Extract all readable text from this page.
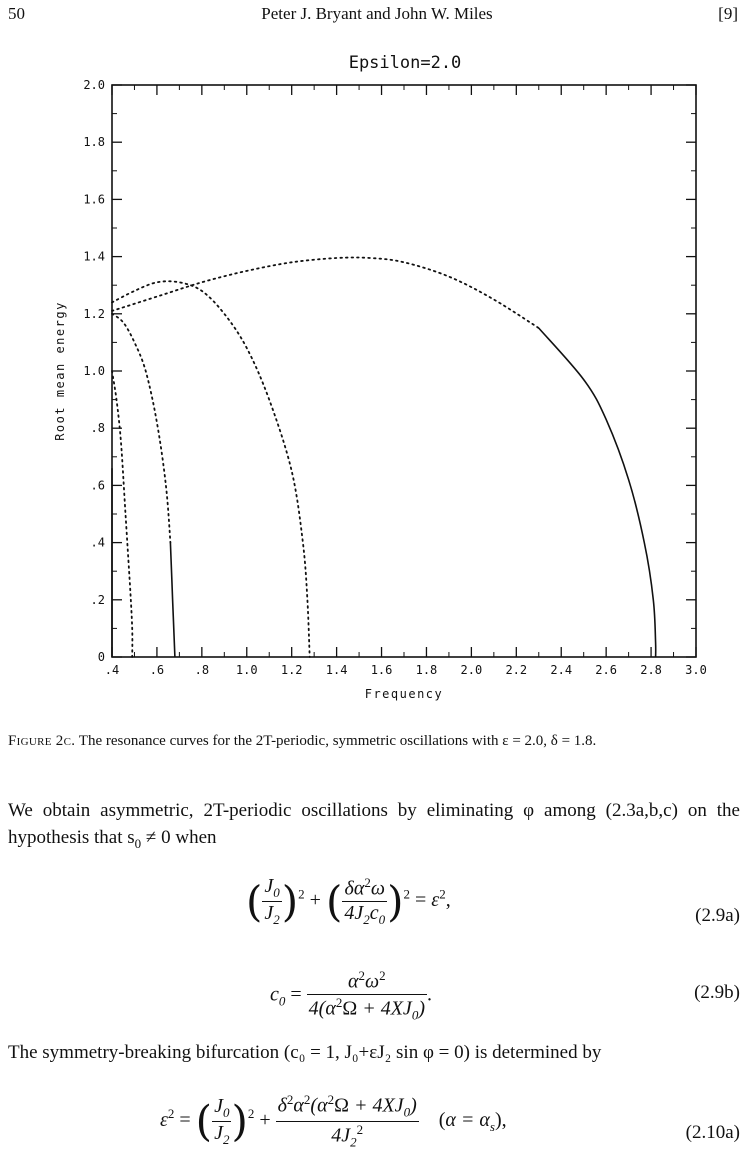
50	Peter J. Bryant and John W. Miles	[9]
Epsilon=2.0
.4	.6	.8 1.0 1.2 1.4 1.6 1.8 2.0 2.2 2.4 2.6 2.8 3.0
0
.2
.4
.6
.8
1.0
1.2
1.4
1.6
1.8
2.0
Frequency
Root mean energy
Figure 2c. The resonance curves for the 2T-periodic, symmetric oscillations with ε = 2.0, δ = 1.8.
We obtain asymmetric, 2T-periodic oscillations by eliminating φ among (2.3a,b,c) on the hypothesis that $s_0 \ne 0$ when
( $\frac{J_0}{J_2} )^2$ + ( $\frac{\delta\alpha^2\omega}{4J_2c_0} )^2 = \varepsilon^2$,
(2.9a)
$c_0 = \frac{\alpha^2\omega^2}{4(\alpha^2\Omega + 4XJ_0)}$ .	(2.9b)
The symmetry-breaking bifurcation (c₀ = 1, J₀+εJ₂ sin φ = 0) is determined by
$\varepsilon^2$ = ( $\frac{J_0}{J_2} )^2 + \frac{\delta^2\alpha^2(\alpha^2\Omega + 4XJ_0)}{4J_2^2} (\alpha = \alpha_s)$,
(2.10a)
